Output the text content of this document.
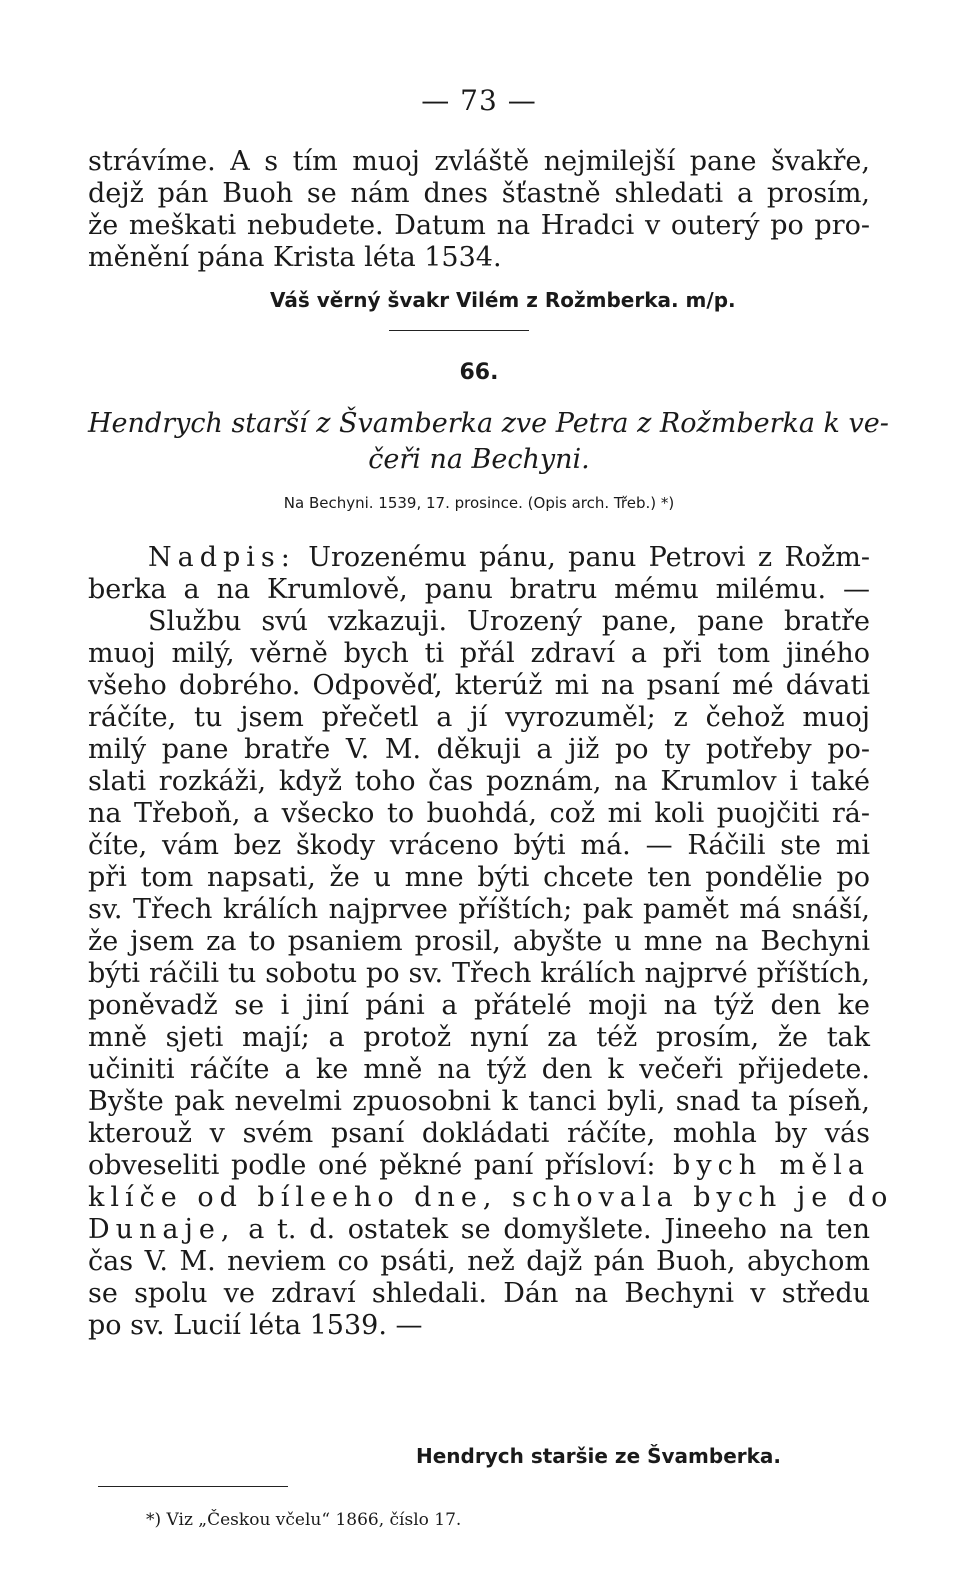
— 73 —

strávíme. A s tím muoj zvláště nejmilejší pane švakře,
dejž pán Buoh se nám dnes šťastně shledati a prosím,
že meškati nebudete. Datum na Hradci v outerý po pro-
měnění pána Krista léta 1534.

Váš věrný švakr Vilém z Rožmberka. m/p.
66.

Hendrych starší z Švamberka zve Petra z Rožmberka k ve-
čeři na Bechyni.

Na Bechyni. 1539, 17. prosince. (Opis arch. Třeb.) *)

Nadpis: Urozenému pánu, panu Petrovi z Rožm-
berka a na Krumlově, panu bratru mému milému. —
Službu svú vzkazuji. Urozený pane, pane bratře
muoj milý, věrně bych ti přál zdraví a při tom jiného
všeho dobrého. Odpověď, kterúž mi na psaní mé dávati
ráčíte, tu jsem přečetl a jí vyrozuměl; z čehož muoj
milý pane bratře V. M. děkuji a již po ty potřeby po-
slati rozkáži, když toho čas poznám, na Krumlov i také
na Třeboň, a všecko to buohdá, což mi koli puojčiti rá-
číte, vám bez škody vráceno býti má. — Ráčili ste mi
při tom napsati, že u mne býti chcete ten pondělie po
sv. Třech králích najprvee příštích; pak pamět má snáší,
že jsem za to psaniem prosil, abyšte u mne na Bechyni
býti ráčili tu sobotu po sv. Třech králích najprvé příštích,
poněvadž se i jiní páni a přátelé moji na týž den ke
mně sjeti mají; a protož nyní za též prosím, že tak
učiniti ráčíte a ke mně na týž den k večeři přijedete.
Byšte pak nevelmi zpuosobni k tanci byli, snad ta píseň,
kterouž v svém psaní dokládati ráčíte, mohla by vás
obveseliti podle oné pěkné paní přísloví: bych měla
klíče od bíleeho dne, schovala bych je do
Dunaje, a t. d. ostatek se domyšlete. Jineeho na ten
čas V. M. neviem co psáti, než dajž pán Buoh, abychom
se spolu ve zdraví shledali. Dán na Bechyni v středu
po sv. Lucií léta 1539. —

Hendrych staršie ze Švamberka.
*) Viz „Českou včelu“ 1866, číslo 17.
